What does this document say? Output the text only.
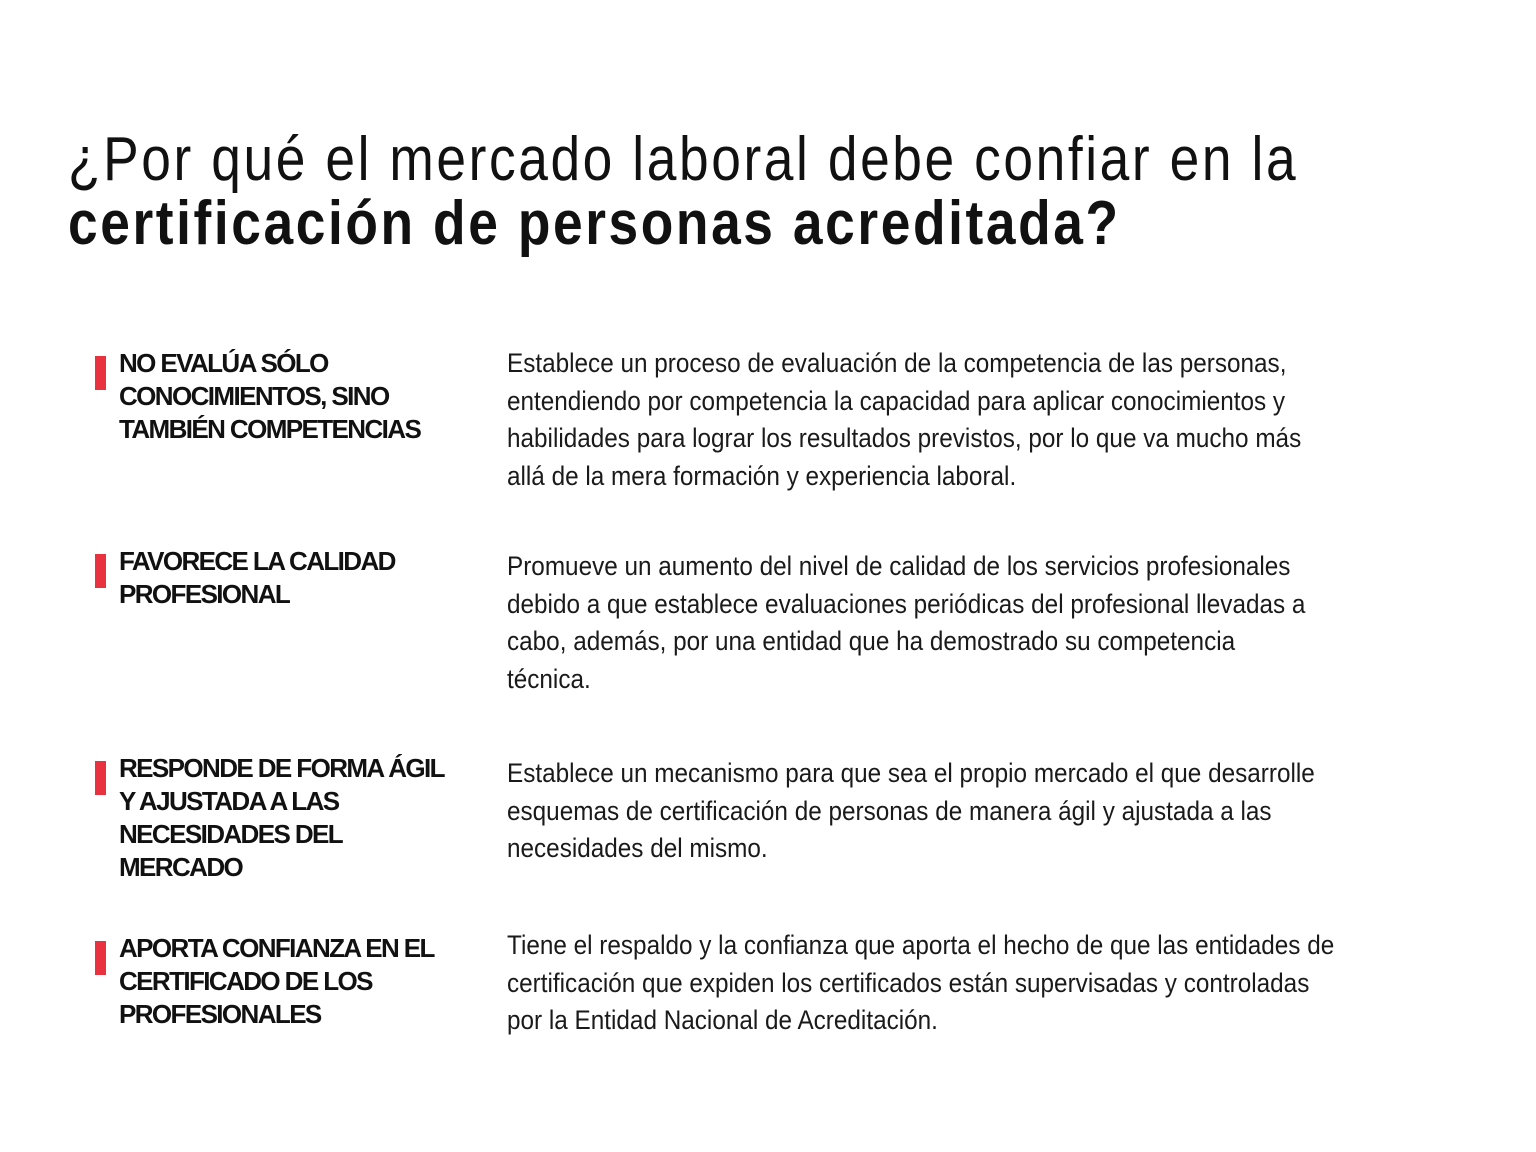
¿Por qué el mercado laboral debe confiar en la
certificación de personas acreditada?
NO EVALÚA SÓLO CONOCIMIENTOS, SINO TAMBIÉN COMPETENCIAS
Establece un proceso de evaluación de la competencia de las personas,
entendiendo por competencia la capacidad para aplicar conocimientos y
habilidades para lograr los resultados previstos, por lo que va mucho más
allá de la mera formación y experiencia laboral.
FAVORECE LA CALIDAD PROFESIONAL
Promueve un aumento del nivel de calidad de los servicios profesionales
debido a que establece evaluaciones periódicas del profesional llevadas a
cabo, además, por una entidad que ha demostrado su competencia
técnica.
RESPONDE DE FORMA ÁGIL Y AJUSTADA A LAS NECESIDADES DEL MERCADO
Establece un mecanismo para que sea el propio mercado el que desarrolle
esquemas de certificación de personas de manera ágil y ajustada a las
necesidades del mismo.
APORTA CONFIANZA EN EL CERTIFICADO DE LOS PROFESIONALES
Tiene el respaldo y la confianza que aporta el hecho de que las entidades de
certificación que expiden los certificados están supervisadas y controladas
por la Entidad Nacional de Acreditación.
